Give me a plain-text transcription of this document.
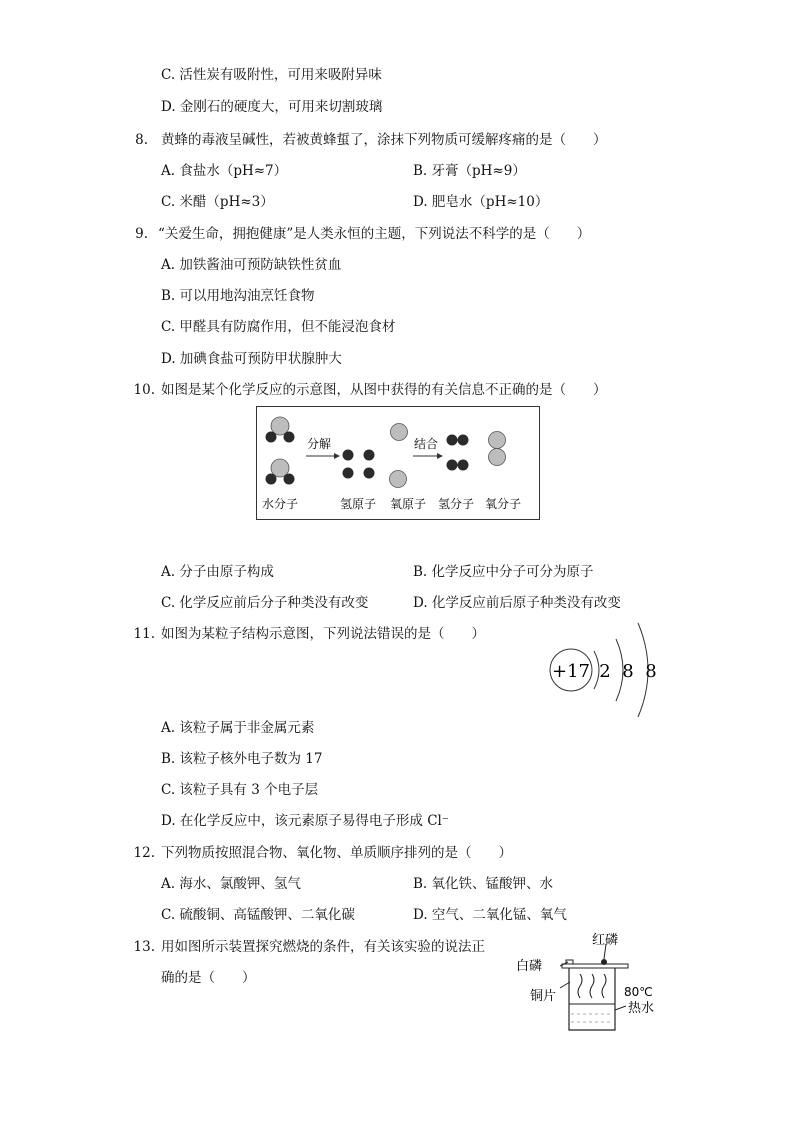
C. 活性炭有吸附性，可用来吸附异味
D. 金刚石的硬度大，可用来切割玻璃
8. 黄蜂的毒液呈碱性，若被黄蜂蜇了，涂抹下列物质可缓解疼痛的是（　　）
A. 食盐水（pH≈7）	B. 牙膏（pH≈9）
C. 米醋（pH≈3）	D. 肥皂水（pH≈10）
9. “关爱生命，拥抱健康”是人类永恒的主题，下列说法不科学的是（　　）
A. 加铁酱油可预防缺铁性贫血
B. 可以用地沟油烹饪食物
C. 甲醛具有防腐作用，但不能浸泡食材
D. 加碘食盐可预防甲状腺肿大
10. 如图是某个化学反应的示意图，从图中获得的有关信息不正确的是（　　）
分解	结合
水分子	氢原子 氧原子 氢分子 氧分子
A. 分子由原子构成	B. 化学反应中分子可分为原子
C. 化学反应前后分子种类没有改变	D. 化学反应前后原子种类没有改变
11. 如图为某粒子结构示意图，下列说法错误的是（　　）
+17 2 8 8
A. 该粒子属于非金属元素
B. 该粒子核外电子数为 17
C. 该粒子具有 3 个电子层
D. 在化学反应中，该元素原子易得电子形成 Cl⁻
12. 下列物质按照混合物、氧化物、单质顺序排列的是（　　）
A. 海水、氯酸钾、氢气	B. 氧化铁、锰酸钾、水
C. 硫酸铜、高锰酸钾、二氧化碳	D. 空气、二氧化锰、氧气
13. 用如图所示装置探究燃烧的条件，有关该实验的说法正
确的是（　　）
红磷
白磷
铜片	80℃
热水
